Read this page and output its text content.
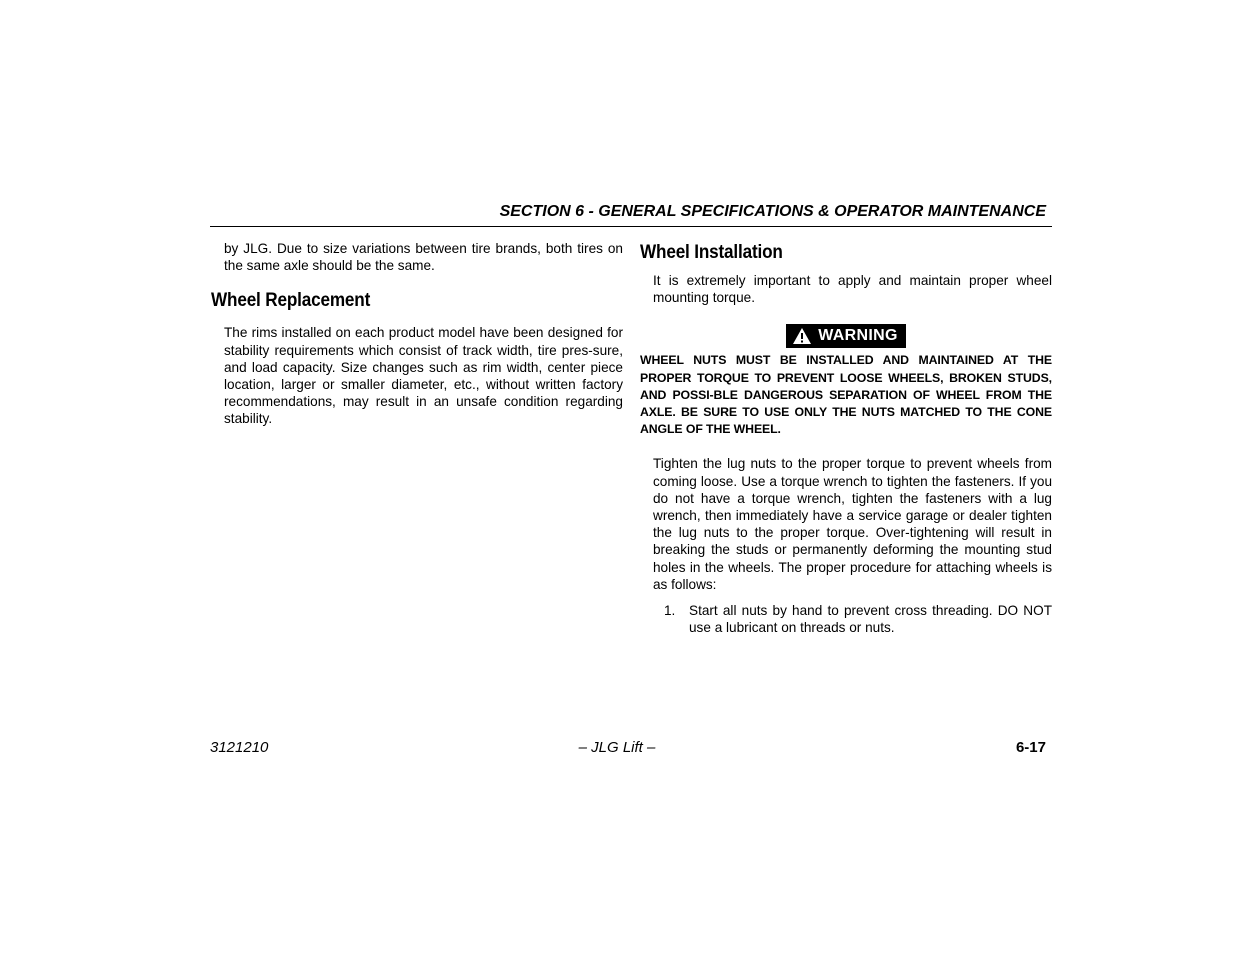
SECTION 6 - GENERAL SPECIFICATIONS & OPERATOR MAINTENANCE

by JLG. Due to size variations between tire brands, both tires on the same axle should be the same.

Wheel Replacement

The rims installed on each product model have been designed for stability requirements which consist of track width, tire pres-sure, and load capacity. Size changes such as rim width, center piece location, larger or smaller diameter, etc., without written factory recommendations, may result in an unsafe condition regarding stability.

Wheel Installation

It is extremely important to apply and maintain proper wheel mounting torque.

WARNING

WHEEL NUTS MUST BE INSTALLED AND MAINTAINED AT THE PROPER TORQUE TO PREVENT LOOSE WHEELS, BROKEN STUDS, AND POSSI-BLE DANGEROUS SEPARATION OF WHEEL FROM THE AXLE. BE SURE TO USE ONLY THE NUTS MATCHED TO THE CONE ANGLE OF THE WHEEL.

Tighten the lug nuts to the proper torque to prevent wheels from coming loose. Use a torque wrench to tighten the fasteners. If you do not have a torque wrench, tighten the fasteners with a lug wrench, then immediately have a service garage or dealer tighten the lug nuts to the proper torque. Over-tightening will result in breaking the studs or permanently deforming the mounting stud holes in the wheels. The proper procedure for attaching wheels is as follows:

1.	Start all nuts by hand to prevent cross threading. DO NOT use a lubricant on threads or nuts.

3121210	– JLG Lift –	6-17
